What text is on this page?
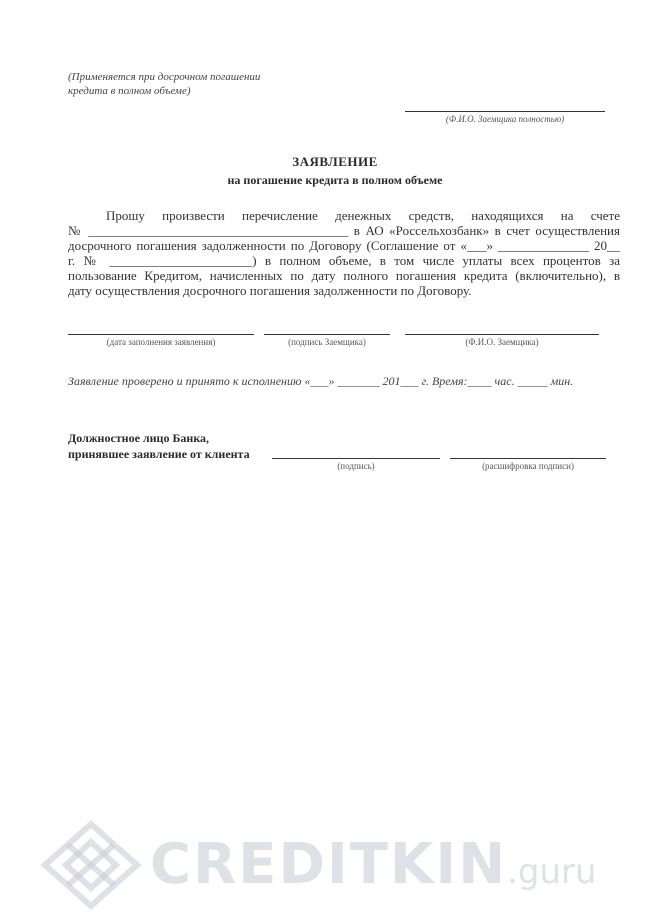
(Применяется при досрочном погашении
кредита в полном объеме)
(Ф.И.О. Заемщика полностью)
ЗАЯВЛЕНИЕ
на погашение кредита в полном объеме
Прошу произвести перечисление денежных средств, находящихся на счете
№ ________________________________________ в АО «Россельхозбанк» в счет осуществления
досрочного погашения задолженности по Договору (Соглашение от «___» ______________ 20__
г. № ______________________) в полном объеме, в том числе уплаты всех процентов за
пользование Кредитом, начисленных по дату полного погашения кредита (включительно), в
дату осуществления досрочного погашения задолженности по Договору.
(дата заполнения заявления)	(подпись Заемщика)	(Ф.И.О. Заемщика)
Заявление проверено и принято к исполнению «___» _______ 201___ г. Время:____ час. _____ мин.
Должностное лицо Банка,
принявшее заявление от клиента
(подпись)	(расшифровка подписи)
CREDITKIN.guru
